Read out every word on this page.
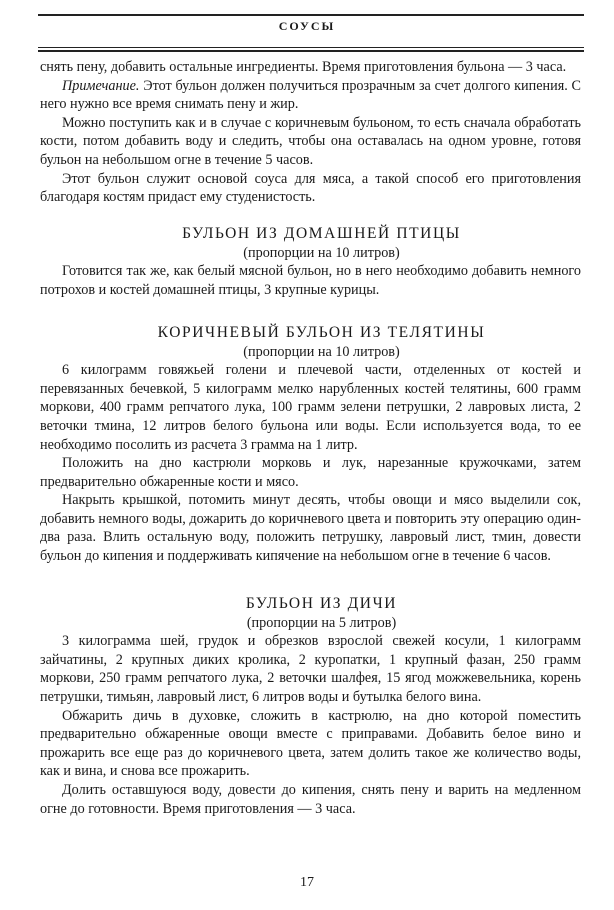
СОУСЫ

снять пену, добавить остальные ингредиенты. Время приготовления бульона — 3 часа.

Примечание. Этот бульон должен получиться прозрачным за счет долгого кипения. С него нужно все время снимать пену и жир.

Можно поступить как и в случае с коричневым бульоном, то есть сначала обработать кости, потом добавить воду и следить, чтобы она оставалась на одном уровне, готовя бульон на небольшом огне в течение 5 часов.

Этот бульон служит основой соуса для мяса, а такой способ его приготовления благодаря костям придаст ему студенистость.

БУЛЬОН ИЗ ДОМАШНЕЙ ПТИЦЫ

(пропорции на 10 литров)

Готовится так же, как белый мясной бульон, но в него необходимо добавить немного потрохов и костей домашней птицы, 3 крупные курицы.

КОРИЧНЕВЫЙ БУЛЬОН ИЗ ТЕЛЯТИНЫ

(пропорции на 10 литров)

6 килограмм говяжьей голени и плечевой части, отделенных от костей и перевязанных бечевкой, 5 килограмм мелко нарубленных костей телятины, 600 грамм моркови, 400 грамм репчатого лука, 100 грамм зелени петрушки, 2 лавровых листа, 2 веточки тмина, 12 литров белого бульона или воды. Если используется вода, то ее необходимо посолить из расчета 3 грамма на 1 литр.

Положить на дно кастрюли морковь и лук, нарезанные кружочками, затем предварительно обжаренные кости и мясо.

Накрыть крышкой, потомить минут десять, чтобы овощи и мясо выделили сок, добавить немного воды, дожарить до коричневого цвета и повторить эту операцию один-два раза. Влить остальную воду, положить петрушку, лавровый лист, тмин, довести бульон до кипения и поддерживать кипячение на небольшом огне в течение 6 часов.

БУЛЬОН ИЗ ДИЧИ

(пропорции на 5 литров)

3 килограмма шей, грудок и обрезков взрослой свежей косули, 1 килограмм зайчатины, 2 крупных диких кролика, 2 куропатки, 1 крупный фазан, 250 грамм моркови, 250 грамм репчатого лука, 2 веточки шалфея, 15 ягод можжевельника, корень петрушки, тимьян, лавровый лист, 6 литров воды и бутылка белого вина.

Обжарить дичь в духовке, сложить в кастрюлю, на дно которой поместить предварительно обжаренные овощи вместе с приправами. Добавить белое вино и прожарить все еще раз до коричневого цвета, затем долить такое же количество воды, как и вина, и снова все прожарить.

Долить оставшуюся воду, довести до кипения, снять пену и варить на медленном огне до готовности. Время приготовления — 3 часа.

17
